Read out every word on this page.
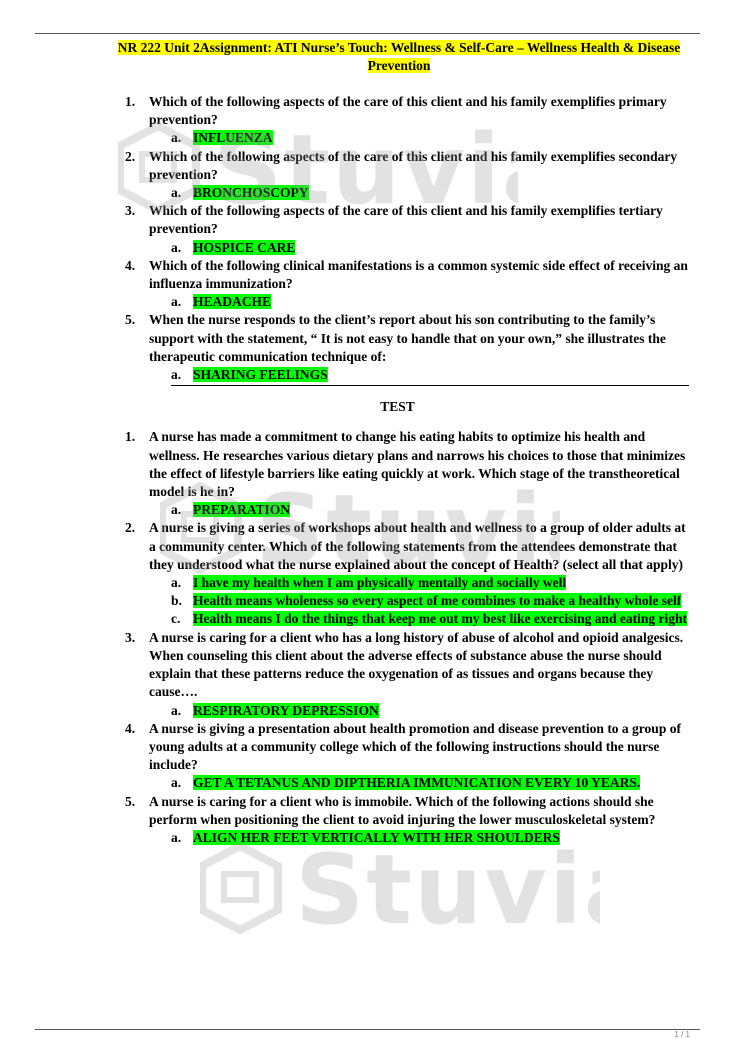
NR 222 Unit 2Assignment: ATI Nurse’s Touch: Wellness & Self-Care – Wellness Health & Disease Prevention
1. Which of the following aspects of the care of this client and his family exemplifies primary prevention?
a. INFLUENZA
2. Which of the following aspects of the care of this client and his family exemplifies secondary prevention?
a. BRONCHOSCOPY
3. Which of the following aspects of the care of this client and his family exemplifies tertiary prevention?
a. HOSPICE CARE
4. Which of the following clinical manifestations is a common systemic side effect of receiving an influenza immunization?
a. HEADACHE
5. When the nurse responds to the client’s report about his son contributing to the family’s support with the statement, “ It is not easy to handle that on your own,” she illustrates the therapeutic communication technique of:
a. SHARING FEELINGS
TEST
1. A nurse has made a commitment to change his eating habits to optimize his health and wellness. He researches various dietary plans and narrows his choices to those that minimizes the effect of lifestyle barriers like eating quickly at work. Which stage of the transtheoretical model is he in?
a. PREPARATION
2. A nurse is giving a series of workshops about health and wellness to a group of older adults at a community center. Which of the following statements from the attendees demonstrate that they understood what the nurse explained about the concept of Health? (select all that apply)
a. I have my health when I am physically mentally and socially well
b. Health means wholeness so every aspect of me combines to make a healthy whole self
c. Health means I do the things that keep me out my best like exercising and eating right
3. A nurse is caring for a client who has a long history of abuse of alcohol and opioid analgesics. When counseling this client about the adverse effects of substance abuse the nurse should explain that these patterns reduce the oxygenation of as tissues and organs because they cause….
a. RESPIRATORY DEPRESSION
4. A nurse is giving a presentation about health promotion and disease prevention to a group of young adults at a community college which of the following instructions should the nurse include?
a. GET A TETANUS AND DIPTHERIA IMMUNICATION EVERY 10 YEARS.
5. A nurse is caring for a client who is immobile. Which of the following actions should she perform when positioning the client to avoid injuring the lower musculoskeletal system?
a. ALIGN HER FEET VERTICALLY WITH HER SHOULDERS
Stuvi
Stuvi
Stuvi
1 / 1
